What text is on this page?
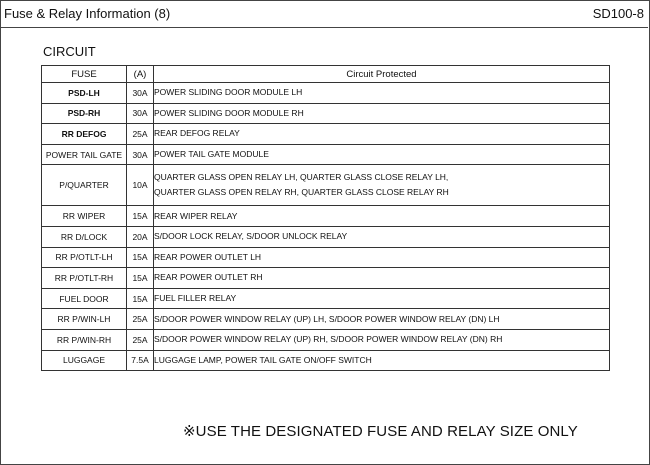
Fuse & Relay Information (8)	SD100-8
CIRCUIT
FUSE	(A)	Circuit Protected
PSD-LH	30A	POWER SLIDING DOOR MODULE LH

PSD-RH	30A	POWER SLIDING DOOR MODULE RH

RR DEFOG	25A	REAR DEFOG RELAY

POWER TAIL GATE	30A	POWER TAIL GATE MODULE

P/QUARTER	10A	QUARTER GLASS OPEN RELAY LH, QUARTER GLASS CLOSE RELAY LH,
QUARTER GLASS OPEN RELAY RH, QUARTER GLASS CLOSE RELAY RH

RR WIPER	15A	REAR WIPER RELAY

RR D/LOCK	20A	S/DOOR LOCK RELAY, S/DOOR UNLOCK RELAY

RR P/OTLT-LH	15A	REAR POWER OUTLET LH

RR P/OTLT-RH	15A	REAR POWER OUTLET RH

FUEL DOOR	15A	FUEL FILLER RELAY

RR P/WIN-LH	25A	S/DOOR POWER WINDOW RELAY (UP) LH, S/DOOR POWER WINDOW RELAY (DN) LH

RR P/WIN-RH	25A	S/DOOR POWER WINDOW RELAY (UP) RH, S/DOOR POWER WINDOW RELAY (DN) RH

LUGGAGE	7.5A	LUGGAGE LAMP, POWER TAIL GATE ON/OFF SWITCH
※USE THE DESIGNATED FUSE AND RELAY SIZE ONLY
